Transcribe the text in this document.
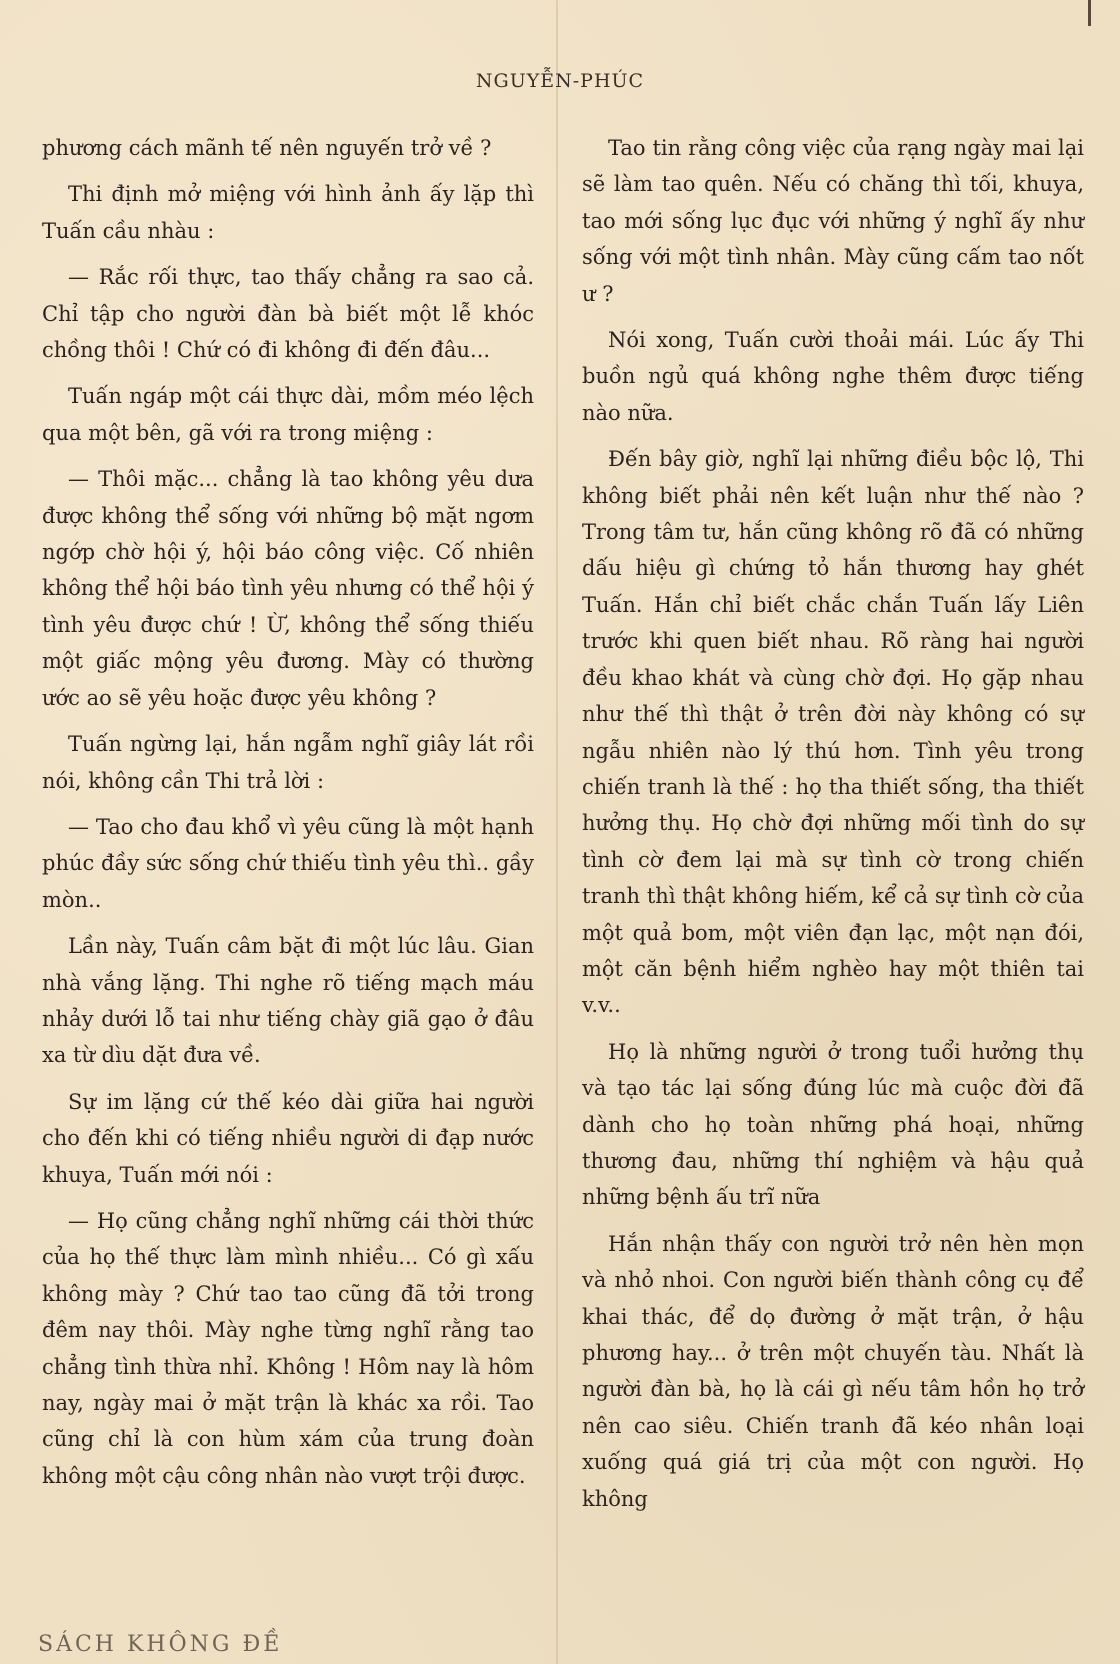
NGUYỄN-PHÚC

phương cách mãnh tế nên nguyến trở về ?

Thi định mở miệng với hình ảnh ấy lặp thì Tuấn cầu nhàu :

— Rắc rối thực, tao thấy chẳng ra sao cả. Chỉ tập cho người đàn bà biết một lễ khóc chồng thôi ! Chứ có đi không đi đến đâu...

Tuấn ngáp một cái thực dài, mồm méo lệch qua một bên, gã với ra trong miệng :

— Thôi mặc... chẳng là tao không yêu dưa được không thể sống với những bộ mặt ngơm ngớp chờ hội ý, hội báo công việc. Cố nhiên không thể hội báo tình yêu nhưng có thể hội ý tình yêu được chứ ! Ừ, không thể sống thiếu một giấc mộng yêu đương. Mày có thường ước ao sẽ yêu hoặc được yêu không ?

Tuấn ngừng lại, hắn ngẫm nghĩ giây lát rồi nói, không cần Thi trả lời :

— Tao cho đau khổ vì yêu cũng là một hạnh phúc đầy sức sống chứ thiếu tình yêu thì.. gầy mòn..

Lần này, Tuấn câm bặt đi một lúc lâu. Gian nhà vắng lặng. Thi nghe rõ tiếng mạch máu nhảy dưới lỗ tai như tiếng chày giã gạo ở đâu xa từ dìu dặt đưa về.

Sự im lặng cứ thế kéo dài giữa hai người cho đến khi có tiếng nhiều người di đạp nước khuya, Tuấn mới nói :

— Họ cũng chẳng nghĩ những cái thời thức của họ thế thực làm mình nhiều... Có gì xấu không mày ? Chứ tao tao cũng đã tởi trong đêm nay thôi. Mày nghe từng nghĩ rằng tao chẳng tình thừa nhỉ. Không ! Hôm nay là hôm nay, ngày mai ở mặt trận là khác xa rồi. Tao cũng chỉ là con hùm xám của trung đoàn không một cậu công nhân nào vượt trội được.

Tao tin rằng công việc của rạng ngày mai lại sẽ làm tao quên. Nếu có chăng thì tối, khuya, tao mới sống lục đục với những ý nghĩ ấy như sống với một tình nhân. Mày cũng cấm tao nốt ư ?

Nói xong, Tuấn cười thoải mái. Lúc ấy Thi buồn ngủ quá không nghe thêm được tiếng nào nữa.

Đến bây giờ, nghĩ lại những điều bộc lộ, Thi không biết phải nên kết luận như thế nào ? Trong tâm tư, hắn cũng không rõ đã có những dấu hiệu gì chứng tỏ hắn thương hay ghét Tuấn. Hắn chỉ biết chắc chắn Tuấn lấy Liên trước khi quen biết nhau. Rõ ràng hai người đều khao khát và cùng chờ đợi. Họ gặp nhau như thế thì thật ở trên đời này không có sự ngẫu nhiên nào lý thú hơn. Tình yêu trong chiến tranh là thế : họ tha thiết sống, tha thiết hưởng thụ. Họ chờ đợi những mối tình do sự tình cờ đem lại mà sự tình cờ trong chiến tranh thì thật không hiếm, kể cả sự tình cờ của một quả bom, một viên đạn lạc, một nạn đói, một căn bệnh hiểm nghèo hay một thiên tai v.v..

Họ là những người ở trong tuổi hưởng thụ và tạo tác lại sống đúng lúc mà cuộc đời đã dành cho họ toàn những phá hoại, những thương đau, những thí nghiệm và hậu quả những bệnh ấu trĩ nữa

Hắn nhận thấy con người trở nên hèn mọn và nhỏ nhoi. Con người biến thành công cụ để khai thác, để dọ đường ở mặt trận, ở hậu phương hay... ở trên một chuyến tàu. Nhất là người đàn bà, họ là cái gì nếu tâm hồn họ trở nên cao siêu. Chiến tranh đã kéo nhân loại xuống quá giá trị của một con người. Họ không

SÁCH KHÔNG ĐỀ
